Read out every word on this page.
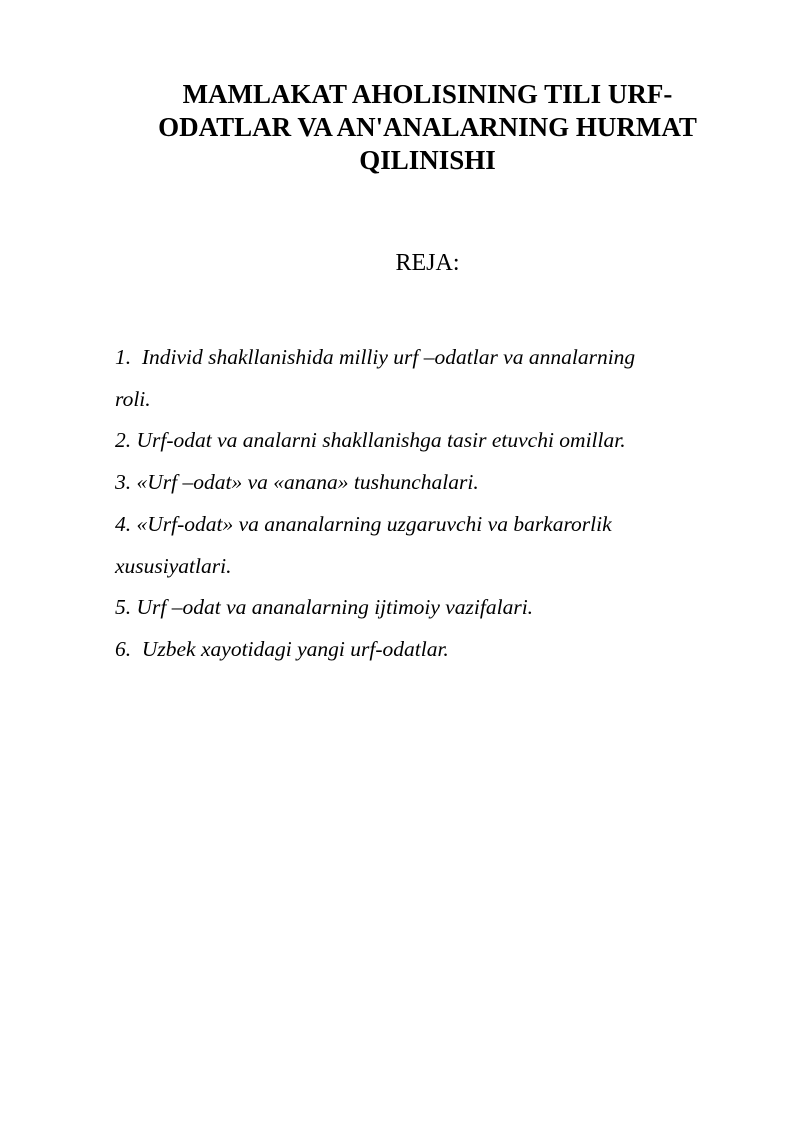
MAMLAKAT AHOLISINING TILI URF-
ODATLAR VA AN'ANALARNING HURMAT
QILINISHI
REJA:
1.  Individ shakllanishida milliy urf –odatlar va annalarning
roli.
2. Urf-odat va analarni shakllanishga tasir etuvchi omillar.
3. «Urf –odat» va «anana» tushunchalari.
4. «Urf-odat» va ananalarning uzgaruvchi va barkarorlik
xususiyatlari.
5. Urf –odat va ananalarning ijtimoiy vazifalari.
6.  Uzbek xayotidagi yangi urf-odatlar.
